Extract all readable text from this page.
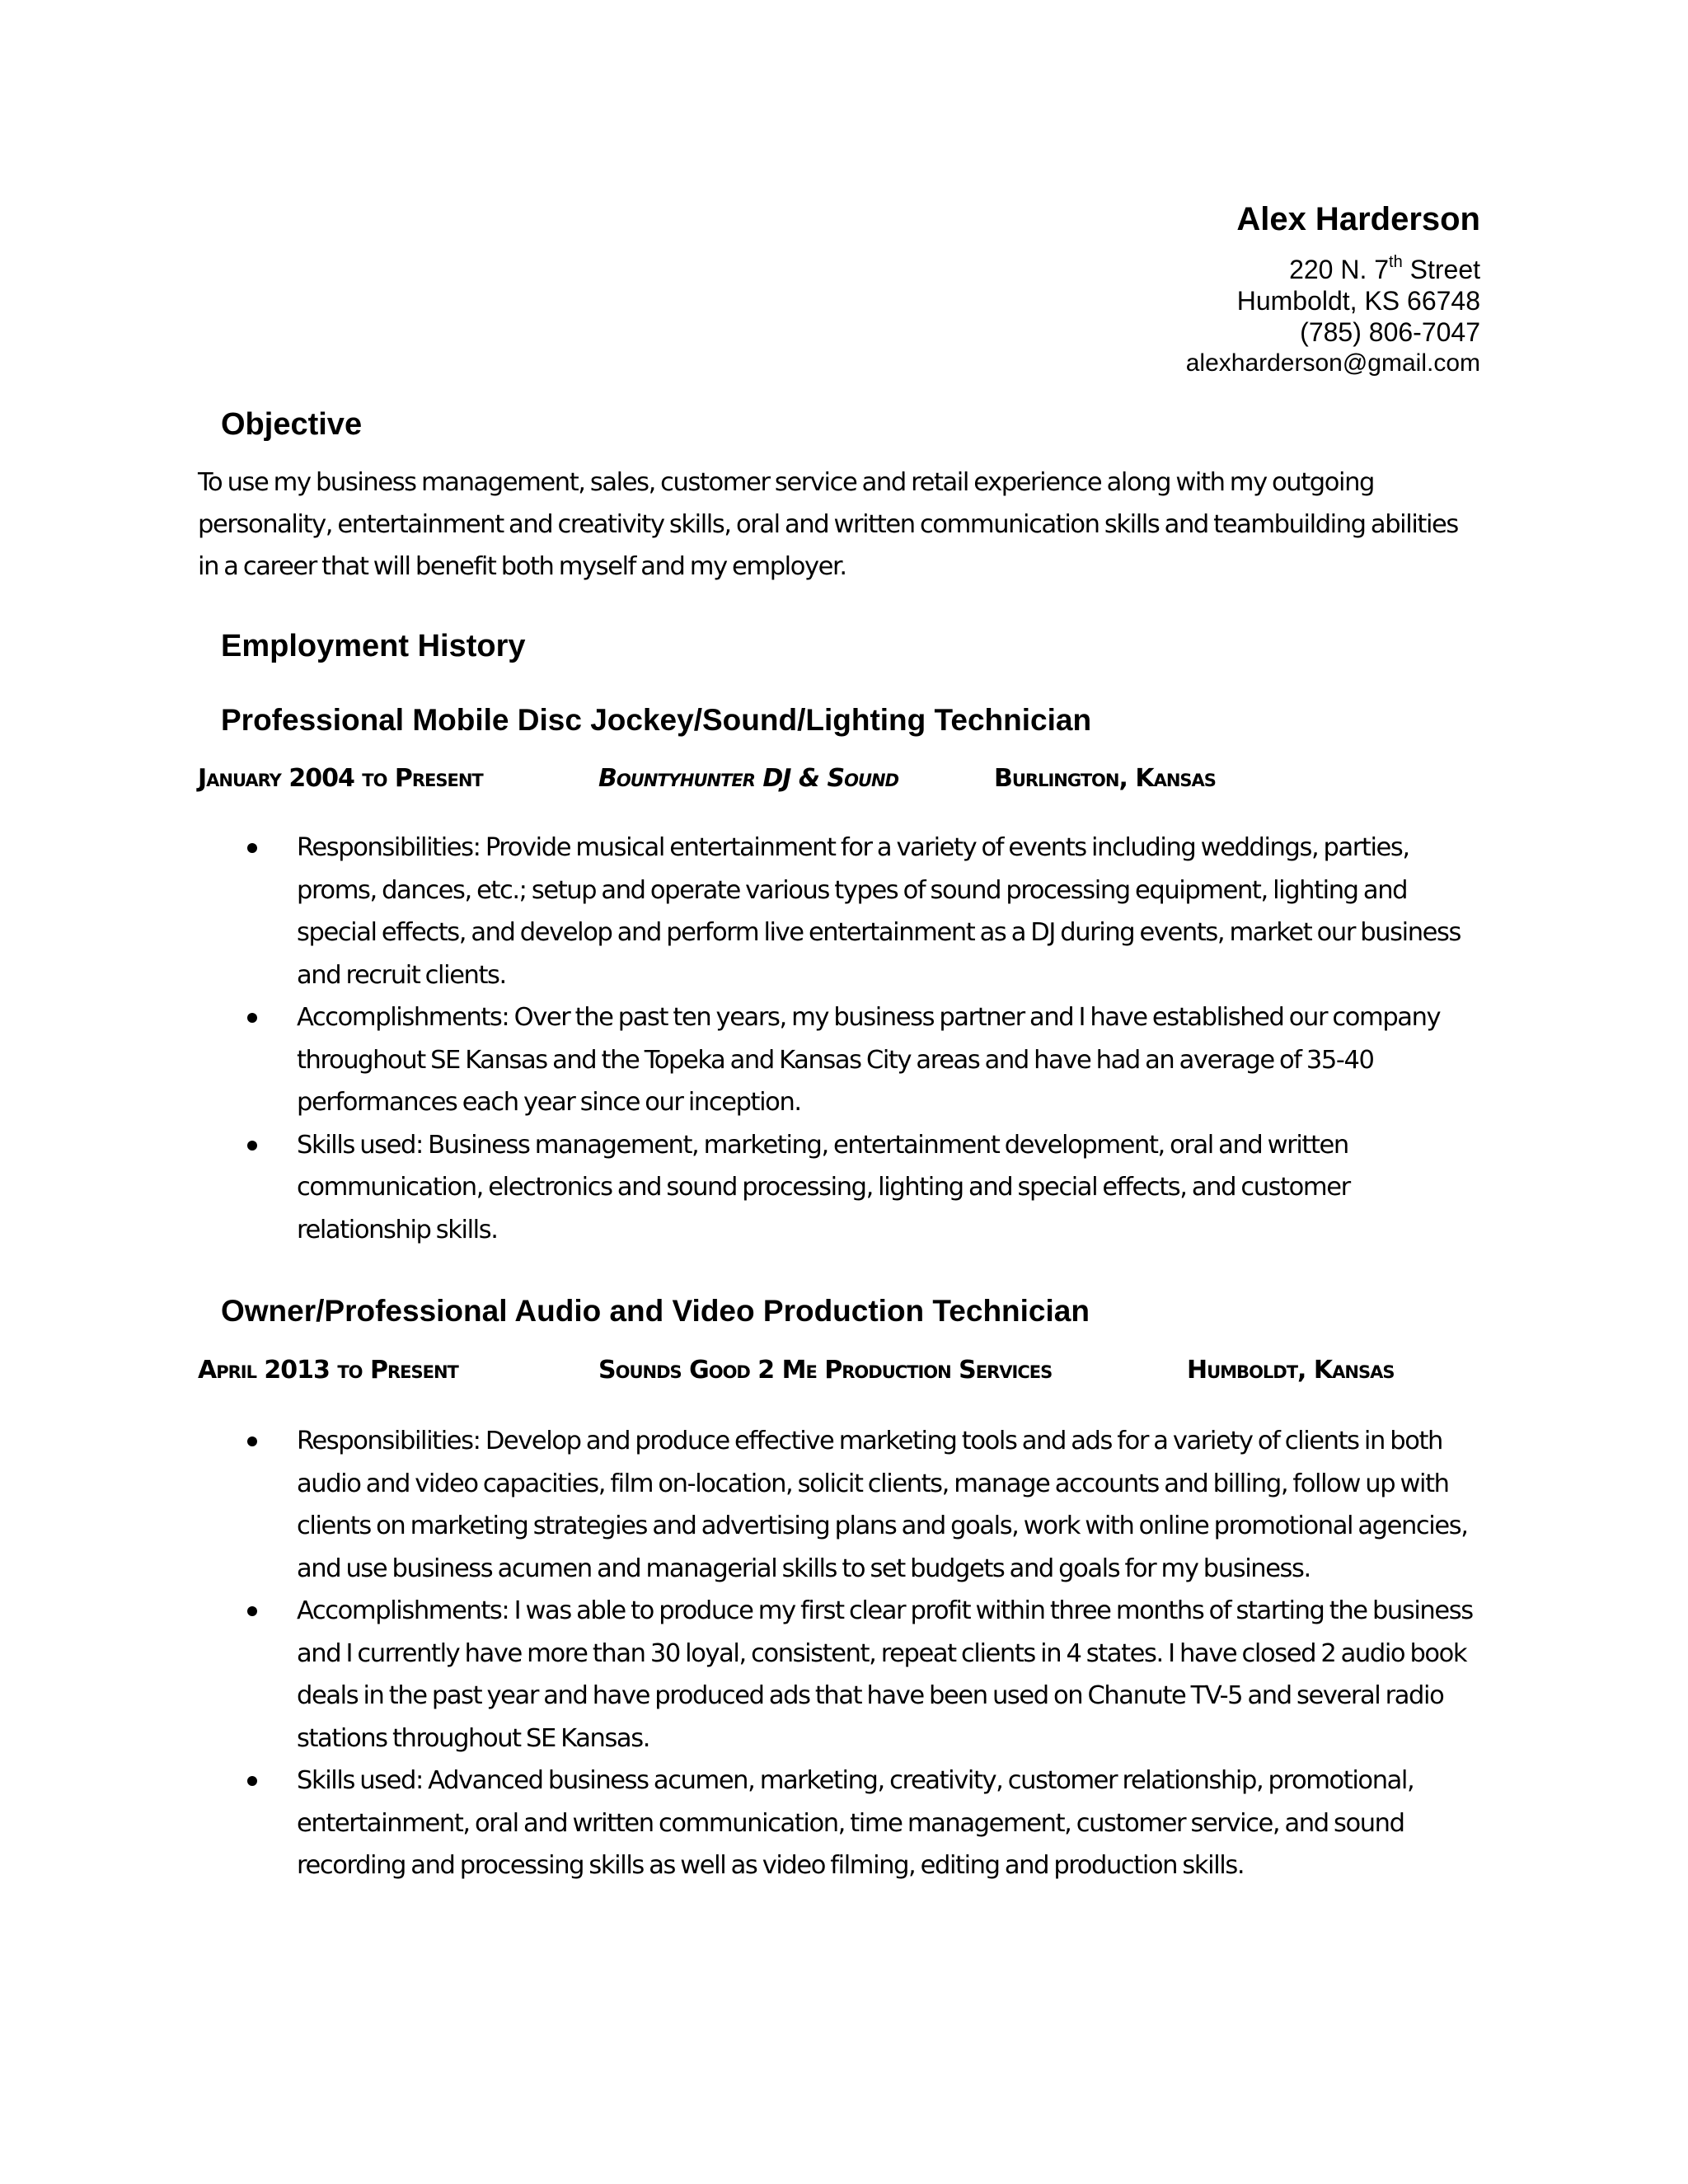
Alex Harderson
220 N. 7th Street
Humboldt, KS 66748
(785) 806-7047
alexharderson@gmail.com
Objective
To use my business management, sales, customer service and retail experience along with my outgoing personality, entertainment and creativity skills, oral and written communication skills and teambuilding abilities in a career that will benefit both myself and my employer.
Employment History
Professional Mobile Disc Jockey/Sound/Lighting Technician
January 2004 to Present	Bountyhunter DJ & Sound	Burlington, Kansas
Responsibilities: Provide musical entertainment for a variety of events including weddings, parties, proms, dances, etc.; setup and operate various types of sound processing equipment, lighting and special effects, and develop and perform live entertainment as a DJ during events, market our business and recruit clients.
Accomplishments: Over the past ten years, my business partner and I have established our company throughout SE Kansas and the Topeka and Kansas City areas and have had an average of 35-40 performances each year since our inception.
Skills used: Business management, marketing, entertainment development, oral and written communication, electronics and sound processing, lighting and special effects, and customer relationship skills.
Owner/Professional Audio and Video Production Technician
April 2013 to Present	Sounds Good 2 Me Production Services	Humboldt, Kansas
Responsibilities: Develop and produce effective marketing tools and ads for a variety of clients in both audio and video capacities, film on-location, solicit clients, manage accounts and billing, follow up with clients on marketing strategies and advertising plans and goals, work with online promotional agencies, and use business acumen and managerial skills to set budgets and goals for my business.
Accomplishments: I was able to produce my first clear profit within three months of starting the business and I currently have more than 30 loyal, consistent, repeat clients in 4 states. I have closed 2 audio book deals in the past year and have produced ads that have been used on Chanute TV-5 and several radio stations throughout SE Kansas.
Skills used: Advanced business acumen, marketing, creativity, customer relationship, promotional, entertainment, oral and written communication, time management, customer service, and sound recording and processing skills as well as video filming, editing and production skills.
